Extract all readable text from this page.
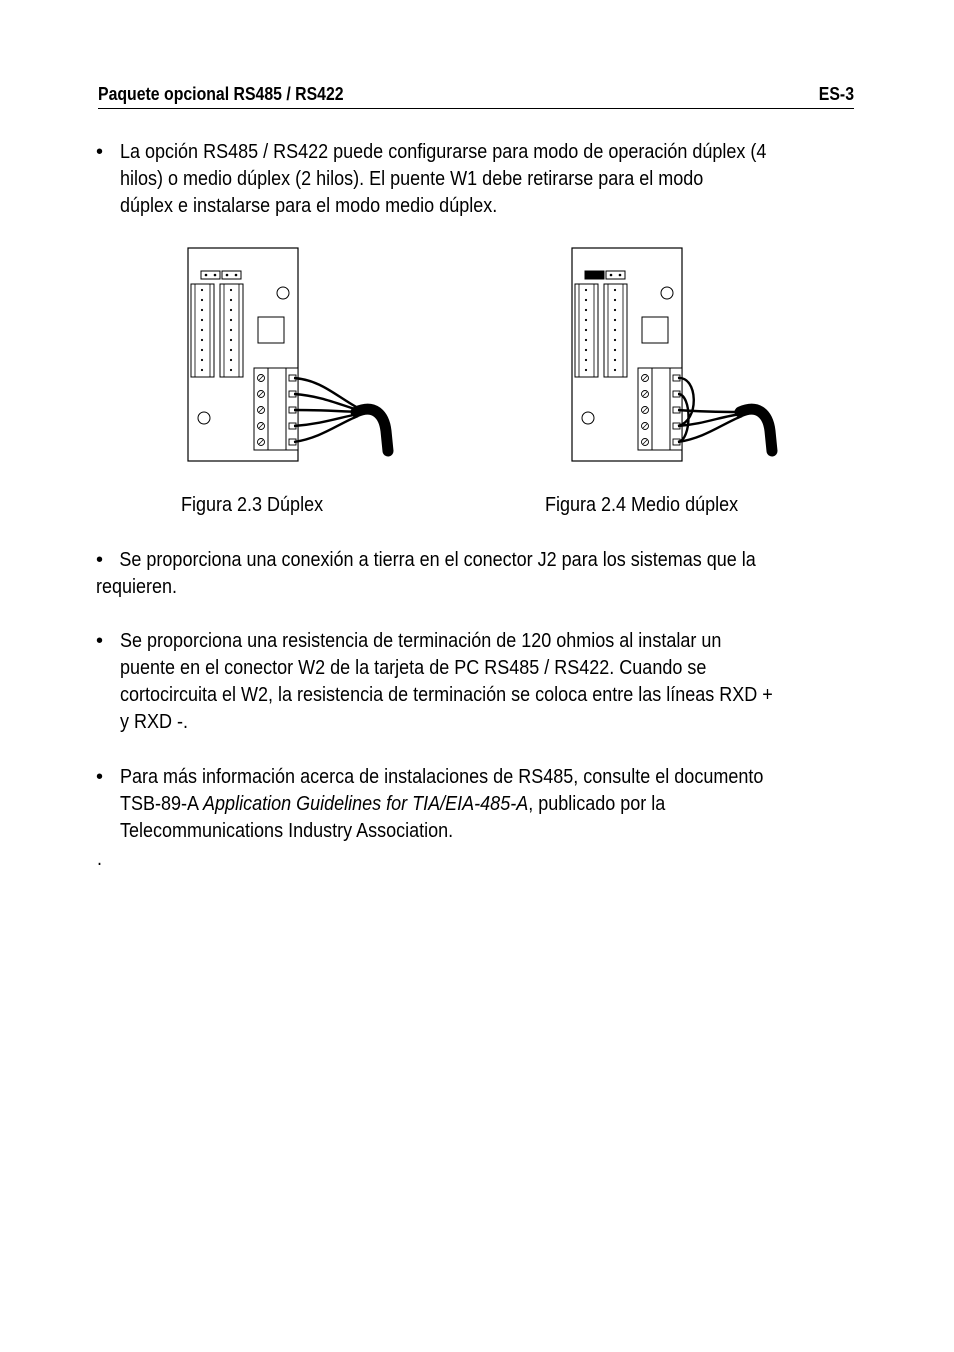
Paquete opcional RS485 / RS422	ES-3
• La opción RS485 / RS422 puede configurarse para modo de operación dúplex (4
hilos) o medio dúplex (2 hilos). El puente W1 debe retirarse para el modo
dúplex e instalarse para el modo medio dúplex.
Figura 2.3 Dúplex	Figura 2.4 Medio dúplex
• Se proporciona una conexión a tierra en el conector J2 para los sistemas que la
requieren.
• Se proporciona una resistencia de terminación de 120 ohmios al instalar un
puente en el conector W2 de la tarjeta de PC RS485 / RS422. Cuando se
cortocircuita el W2, la resistencia de terminación se coloca entre las líneas RXD +
y RXD -.
• Para más información acerca de instalaciones de RS485, consulte el documento
TSB-89-A Application Guidelines for TIA/EIA-485-A, publicado por la
Telecommunications Industry Association.
.
